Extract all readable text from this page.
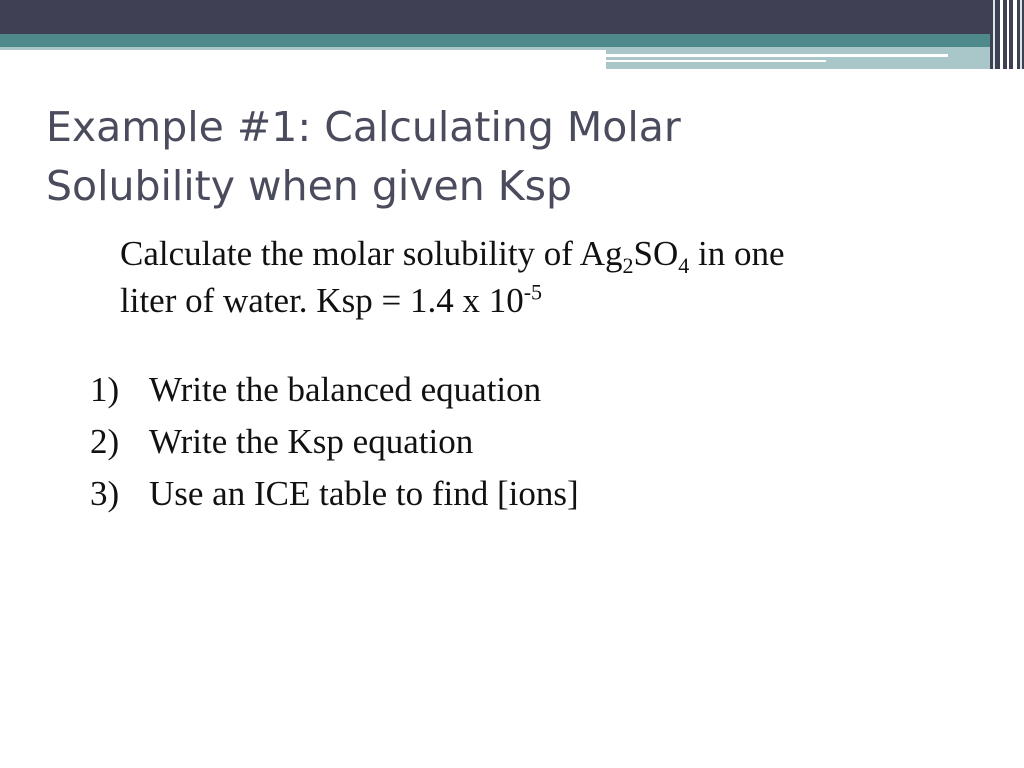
Example #1: Calculating Molar
Solubility when given Ksp

Calculate the molar solubility of $Ag_2SO_4$ in one
liter of water. Ksp = 1.4 x $10^{-5}$

1) Write the balanced equation
2) Write the Ksp equation
3) Use an ICE table to find [ions]
